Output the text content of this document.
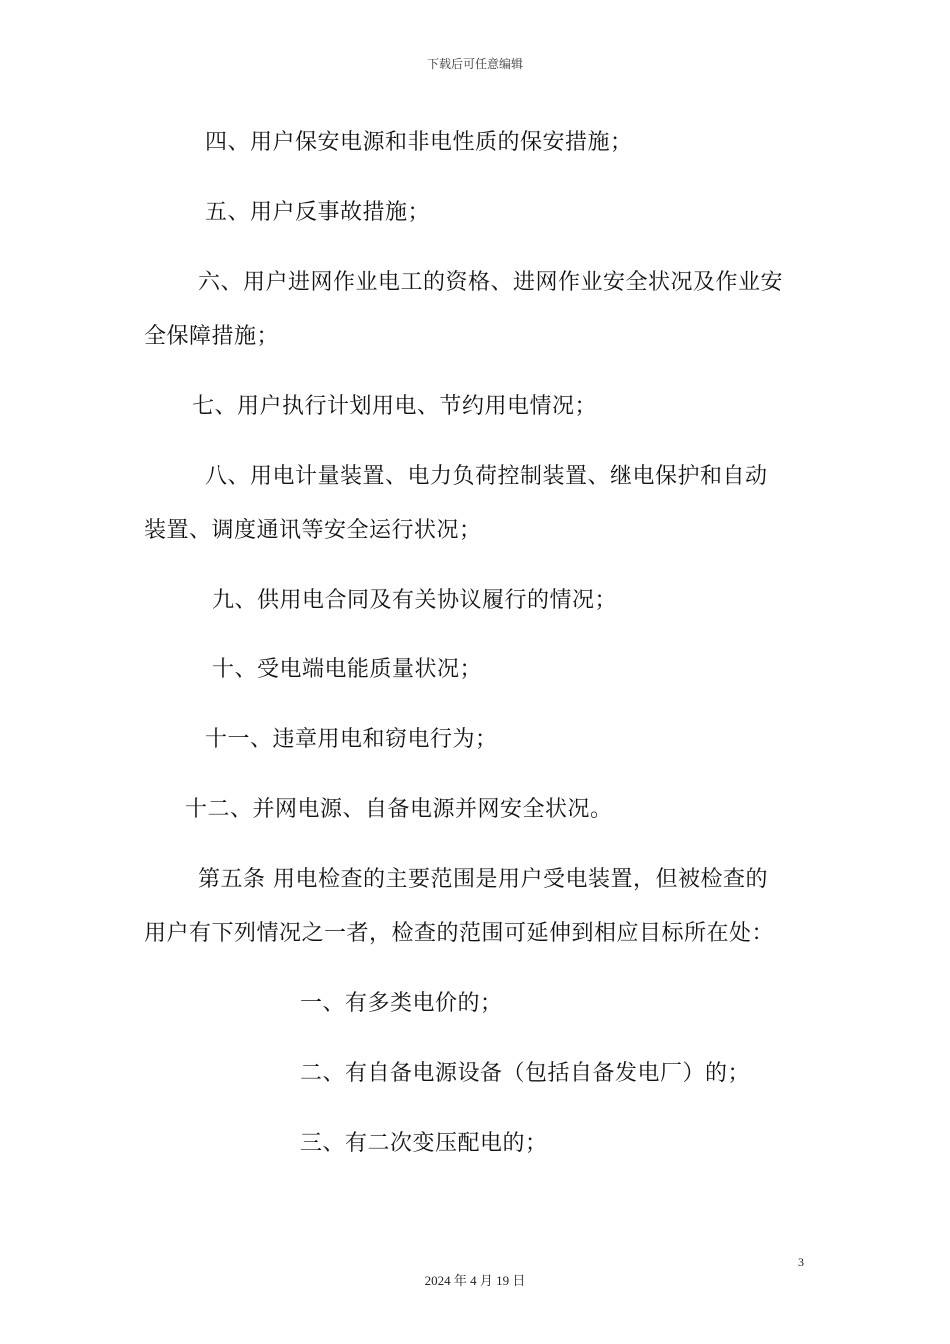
下载后可任意编辑
四、用户保安电源和非电性质的保安措施；
五、用户反事故措施；
六、用户进网作业电工的资格、进网作业安全状况及作业安
全保障措施；
七、用户执行计划用电、节约用电情况；
八、用电计量装置、电力负荷控制装置、继电保护和自动
装置、调度通讯等安全运行状况；
九、供用电合同及有关协议履行的情况；
十、受电端电能质量状况；
十一、违章用电和窃电行为；
十二、并网电源、自备电源并网安全状况。
第五条 用电检查的主要范围是用户受电装置，但被检查的
用户有下列情况之一者，检查的范围可延伸到相应目标所在处：
一、有多类电价的；
二、有自备电源设备（包括自备发电厂）的；
三、有二次变压配电的；
3
2024 年 4 月 19 日
